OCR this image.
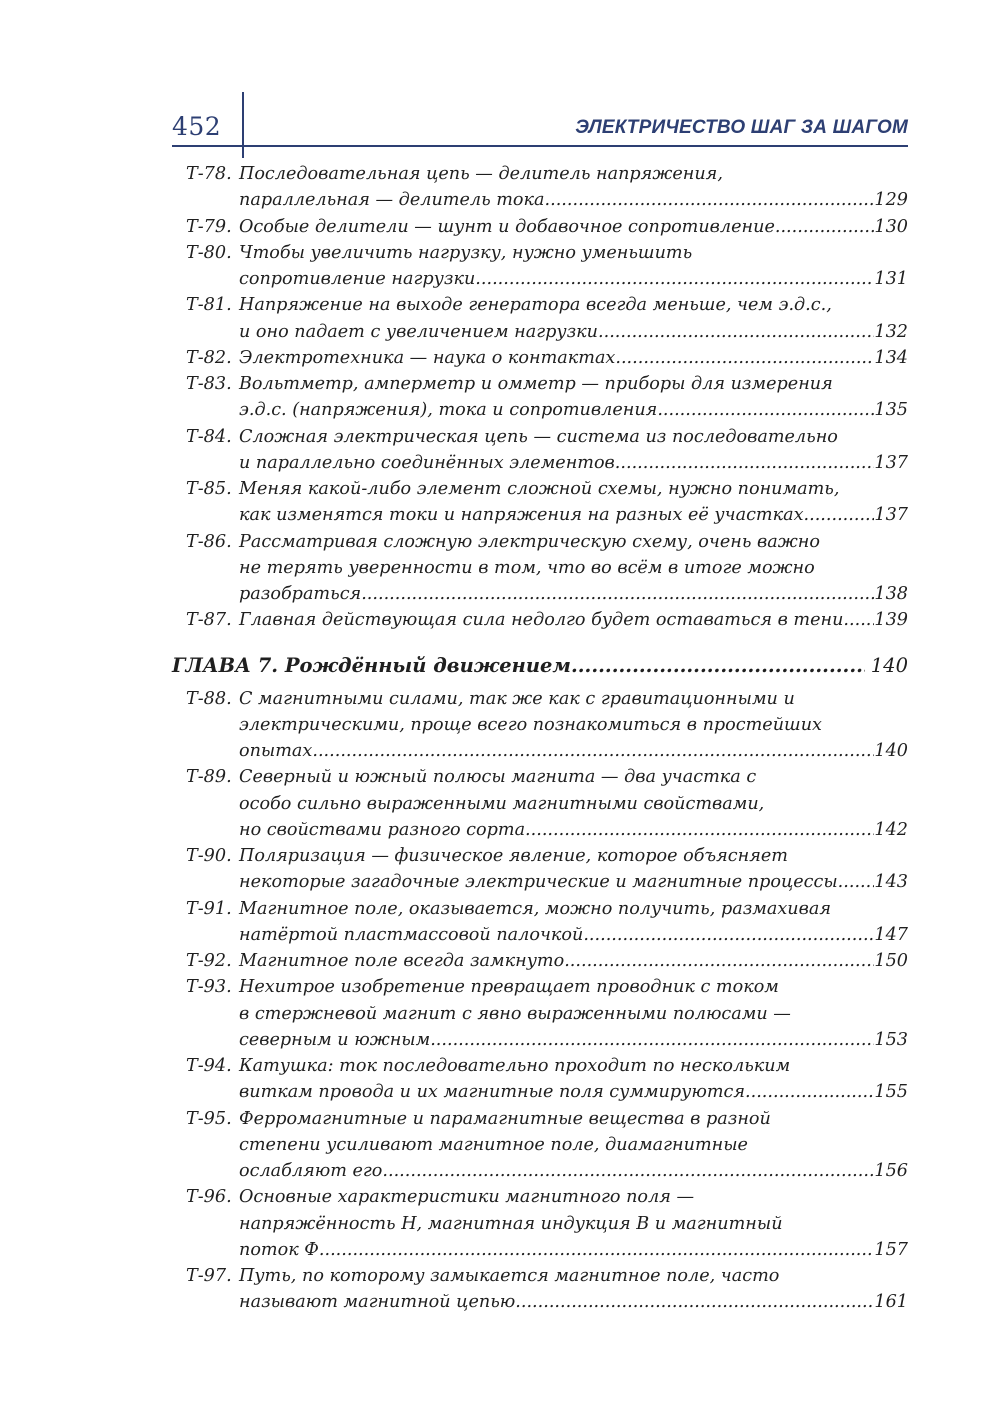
452	ЭЛЕКТРИЧЕСТВО ШАГ ЗА ШАГОМ
Т-78. Последовательная цепь — делитель напряжения,
параллельная — делитель тока. .....	129
Т-79. Особые делители — шунт и добавочное сопротивление .....	130
Т-80. Чтобы увеличить нагрузку, нужно уменьшить
сопротивление нагрузки. .....	131
Т-81. Напряжение на выходе генератора всегда меньше, чем э.д.с.,
и оно падает с увеличением нагрузки. .....	132
Т-82. Электротехника — наука о контактах. .....	134
Т-83. Вольтметр, амперметр и омметр — приборы для измерения
э.д.с. (напряжения), тока и сопротивления .....	135
Т-84. Сложная электрическая цепь — система из последовательно
и параллельно соединённых элементов. .....	137
Т-85. Меняя какой-либо элемент сложной схемы, нужно понимать,
как изменятся токи и напряжения на разных её участках .....	137
Т-86. Рассматривая сложную электрическую схему, очень важно
не терять уверенности в том, что во всём в итоге можно
разобраться. .....	138
Т-87. Главная действующая сила недолго будет оставаться в тени. ..... 139
ГЛАВА 7. Рождённый движением .....	140
Т-88. С магнитными силами, так же как с гравитационными и
электрическими, проще всего познакомиться в простейших
опытах. .....	140
Т-89. Северный и южный полюсы магнита — два участка с
особо сильно выраженными магнитными свойствами,
но свойствами разного сорта. .....	142
Т-90. Поляризация — физическое явление, которое объясняет
некоторые загадочные электрические и магнитные процессы. ..... 143
Т-91. Магнитное поле, оказывается, можно получить, размахивая
натёртой пластмассовой палочкой. .....	147
Т-92. Магнитное поле всегда замкнуто. .....	150
Т-93. Нехитрое изобретение превращает проводник с током
в стержневой магнит с явно выраженными полюсами —
северным и южным. .....	153
Т-94. Катушка: ток последовательно проходит по нескольким
виткам провода и их магнитные поля суммируются. .....	155
Т-95. Ферромагнитные и парамагнитные вещества в разной
степени усиливают магнитное поле, диамагнитные
ослабляют его. .....	156
Т-96. Основные характеристики магнитного поля —
напряжённость H, магнитная индукция B и магнитный
поток Ф. .....	157
Т-97. Путь, по которому замыкается магнитное поле, часто
называют магнитной цепью. .....	161
